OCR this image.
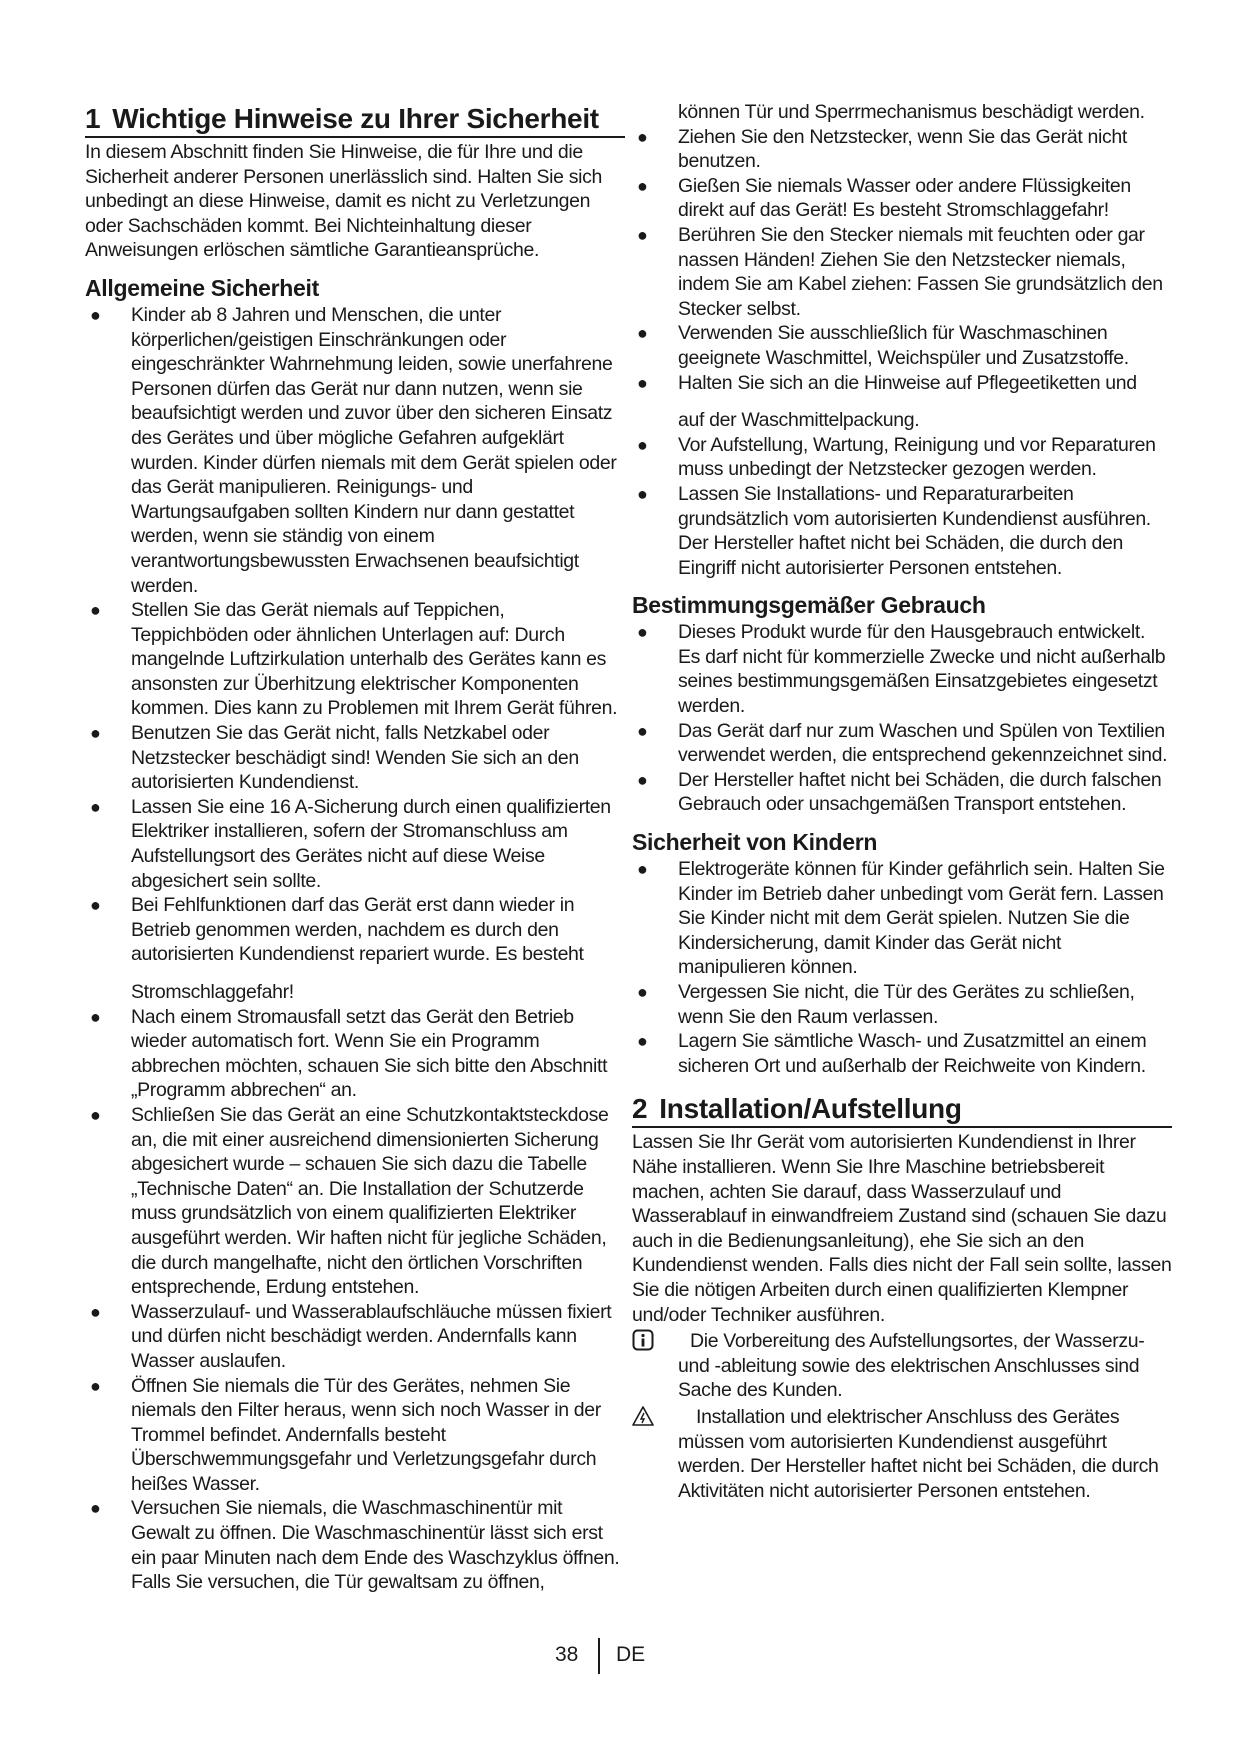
1 Wichtige Hinweise zu Ihrer Sicherheit

In diesem Abschnitt finden Sie Hinweise, die für Ihre und die Sicherheit anderer Personen unerlässlich sind. Halten Sie sich unbedingt an diese Hinweise, damit es nicht zu Verletzungen oder Sachschäden kommt. Bei Nichteinhaltung dieser Anweisungen erlöschen sämtliche Garantieansprüche.

Allgemeine Sicherheit
● Kinder ab 8 Jahren und Menschen, die unter körperlichen/geistigen Einschränkungen oder eingeschränkter Wahrnehmung leiden, sowie unerfahrene Personen dürfen das Gerät nur dann nutzen, wenn sie beaufsichtigt werden und zuvor über den sicheren Einsatz des Gerätes und über mögliche Gefahren aufgeklärt wurden. Kinder dürfen niemals mit dem Gerät spielen oder das Gerät manipulieren. Reinigungs- und Wartungsaufgaben sollten Kindern nur dann gestattet werden, wenn sie ständig von einem verantwortungsbewussten Erwachsenen beaufsichtigt werden.
● Stellen Sie das Gerät niemals auf Teppichen, Teppichböden oder ähnlichen Unterlagen auf: Durch mangelnde Luftzirkulation unterhalb des Gerätes kann es ansonsten zur Überhitzung elektrischer Komponenten kommen. Dies kann zu Problemen mit Ihrem Gerät führen.
● Benutzen Sie das Gerät nicht, falls Netzkabel oder Netzstecker beschädigt sind! Wenden Sie sich an den autorisierten Kundendienst.
● Lassen Sie eine 16 A-Sicherung durch einen qualifizierten Elektriker installieren, sofern der Stromanschluss am Aufstellungsort des Gerätes nicht auf diese Weise abgesichert sein sollte.
● Bei Fehlfunktionen darf das Gerät erst dann wieder in Betrieb genommen werden, nachdem es durch den autorisierten Kundendienst repariert wurde. Es besteht
Stromschlaggefahr!
● Nach einem Stromausfall setzt das Gerät den Betrieb wieder automatisch fort. Wenn Sie ein Programm abbrechen möchten, schauen Sie sich bitte den Abschnitt „Programm abbrechen“ an.
● Schließen Sie das Gerät an eine Schutzkontaktsteckdose an, die mit einer ausreichend dimensionierten Sicherung abgesichert wurde – schauen Sie sich dazu die Tabelle „Technische Daten“ an. Die Installation der Schutzerde muss grundsätzlich von einem qualifizierten Elektriker ausgeführt werden. Wir haften nicht für jegliche Schäden, die durch mangelhafte, nicht den örtlichen Vorschriften entsprechende, Erdung entstehen.
● Wasserzulauf- und Wasserablaufschläuche müssen fixiert und dürfen nicht beschädigt werden. Andernfalls kann Wasser auslaufen.
● Öffnen Sie niemals die Tür des Gerätes, nehmen Sie niemals den Filter heraus, wenn sich noch Wasser in der Trommel befindet. Andernfalls besteht Überschwemmungsgefahr und Verletzungsgefahr durch heißes Wasser.
● Versuchen Sie niemals, die Waschmaschinentür mit Gewalt zu öffnen. Die Waschmaschinentür lässt sich erst ein paar Minuten nach dem Ende des Waschzyklus öffnen. Falls Sie versuchen, die Tür gewaltsam zu öffnen,

können Tür und Sperrmechanismus beschädigt werden.

● Ziehen Sie den Netzstecker, wenn Sie das Gerät nicht benutzen.
● Gießen Sie niemals Wasser oder andere Flüssigkeiten direkt auf das Gerät! Es besteht Stromschlaggefahr!
● Berühren Sie den Stecker niemals mit feuchten oder gar nassen Händen! Ziehen Sie den Netzstecker niemals, indem Sie am Kabel ziehen: Fassen Sie grundsätzlich den Stecker selbst.
● Verwenden Sie ausschließlich für Waschmaschinen geeignete Waschmittel, Weichspüler und Zusatzstoffe.
● Halten Sie sich an die Hinweise auf Pflegeetiketten und
auf der Waschmittelpackung.
● Vor Aufstellung, Wartung, Reinigung und vor Reparaturen muss unbedingt der Netzstecker gezogen werden.
● Lassen Sie Installations- und Reparaturarbeiten grundsätzlich vom autorisierten Kundendienst ausführen. Der Hersteller haftet nicht bei Schäden, die durch den Eingriff nicht autorisierter Personen entstehen.
Bestimmungsgemäßer Gebrauch
● Dieses Produkt wurde für den Hausgebrauch entwickelt. Es darf nicht für kommerzielle Zwecke und nicht außerhalb seines bestimmungsgemäßen Einsatzgebietes eingesetzt werden.
● Das Gerät darf nur zum Waschen und Spülen von Textilien verwendet werden, die entsprechend gekennzeichnet sind.
● Der Hersteller haftet nicht bei Schäden, die durch falschen Gebrauch oder unsachgemäßen Transport entstehen.
Sicherheit von Kindern
● Elektrogeräte können für Kinder gefährlich sein. Halten Sie Kinder im Betrieb daher unbedingt vom Gerät fern. Lassen Sie Kinder nicht mit dem Gerät spielen. Nutzen Sie die Kindersicherung, damit Kinder das Gerät nicht manipulieren können.
● Vergessen Sie nicht, die Tür des Gerätes zu schließen, wenn Sie den Raum verlassen.
● Lagern Sie sämtliche Wasch- und Zusatzmittel an einem sicheren Ort und außerhalb der Reichweite von Kindern.
2 Installation/Aufstellung

Lassen Sie Ihr Gerät vom autorisierten Kundendienst in Ihrer Nähe installieren. Wenn Sie Ihre Maschine betriebsbereit machen, achten Sie darauf, dass Wasserzulauf und Wasserablauf in einwandfreiem Zustand sind (schauen Sie dazu auch in die Bedienungsanleitung), ehe Sie sich an den Kundendienst wenden. Falls dies nicht der Fall sein sollte, lassen Sie die nötigen Arbeiten durch einen qualifizierten Klempner und/oder Techniker ausführen.

Die Vorbereitung des Aufstellungsortes, der Wasserzu- und -ableitung sowie des elektrischen Anschlusses sind Sache des Kunden.
Installation und elektrischer Anschluss des Gerätes müssen vom autorisierten Kundendienst ausgeführt werden. Der Hersteller haftet nicht bei Schäden, die durch Aktivitäten nicht autorisierter Personen entstehen.
38 DE
